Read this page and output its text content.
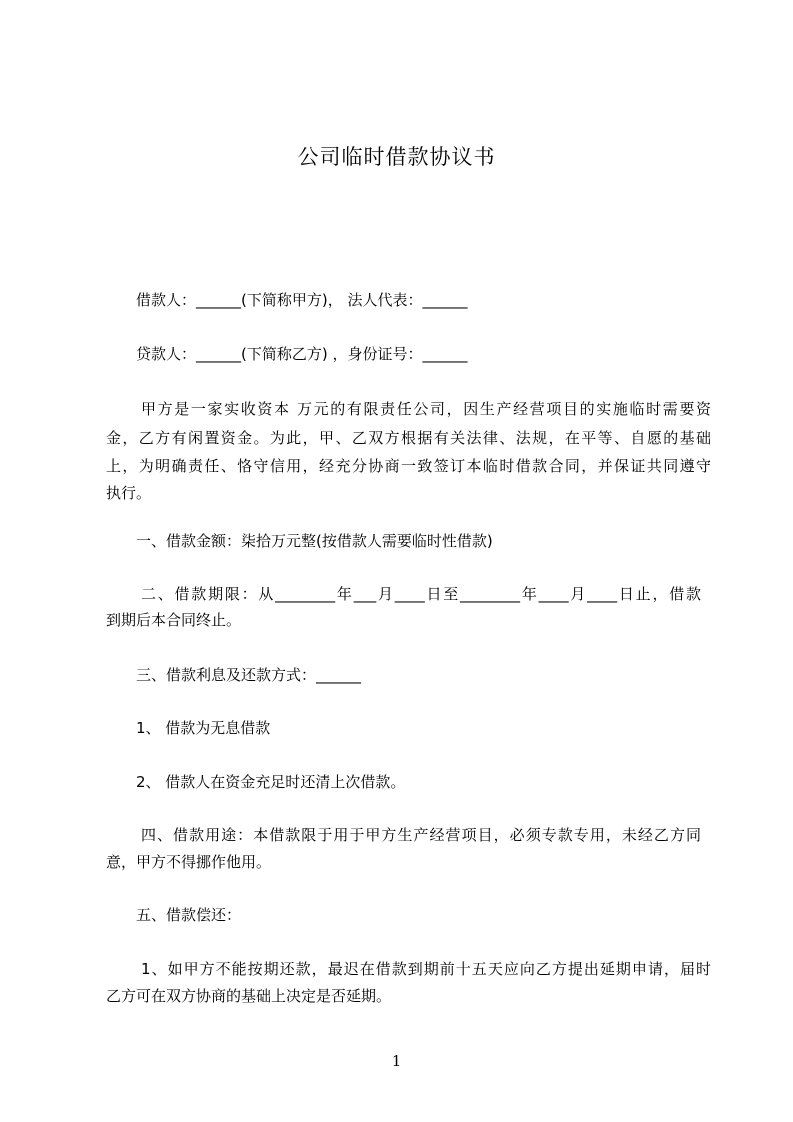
公司临时借款协议书
借款人：______(下简称甲方)， 法人代表：______
贷款人：______(下简称乙方) ，身份证号：______
甲方是一家实收资本 万元的有限责任公司，因生产经营项目的实施临时需要资
金，乙方有闲置资金。为此，甲、乙双方根据有关法律、法规，在平等、自愿的基础
上，为明确责任、恪守信用，经充分协商一致签订本临时借款合同，并保证共同遵守
执行。
一、借款金额：柒拾万元整(按借款人需要临时性借款)
二、借款期限：从________年___月____日至________年____月____日止，借款
到期后本合同终止。
三、借款利息及还款方式：______
1、 借款为无息借款
2、 借款人在资金充足时还清上次借款。
四、借款用途：本借款限于用于甲方生产经营项目，必须专款专用，未经乙方同
意，甲方不得挪作他用。
五、借款偿还：
1、如甲方不能按期还款，最迟在借款到期前十五天应向乙方提出延期申请，届时
乙方可在双方协商的基础上决定是否延期。
1
